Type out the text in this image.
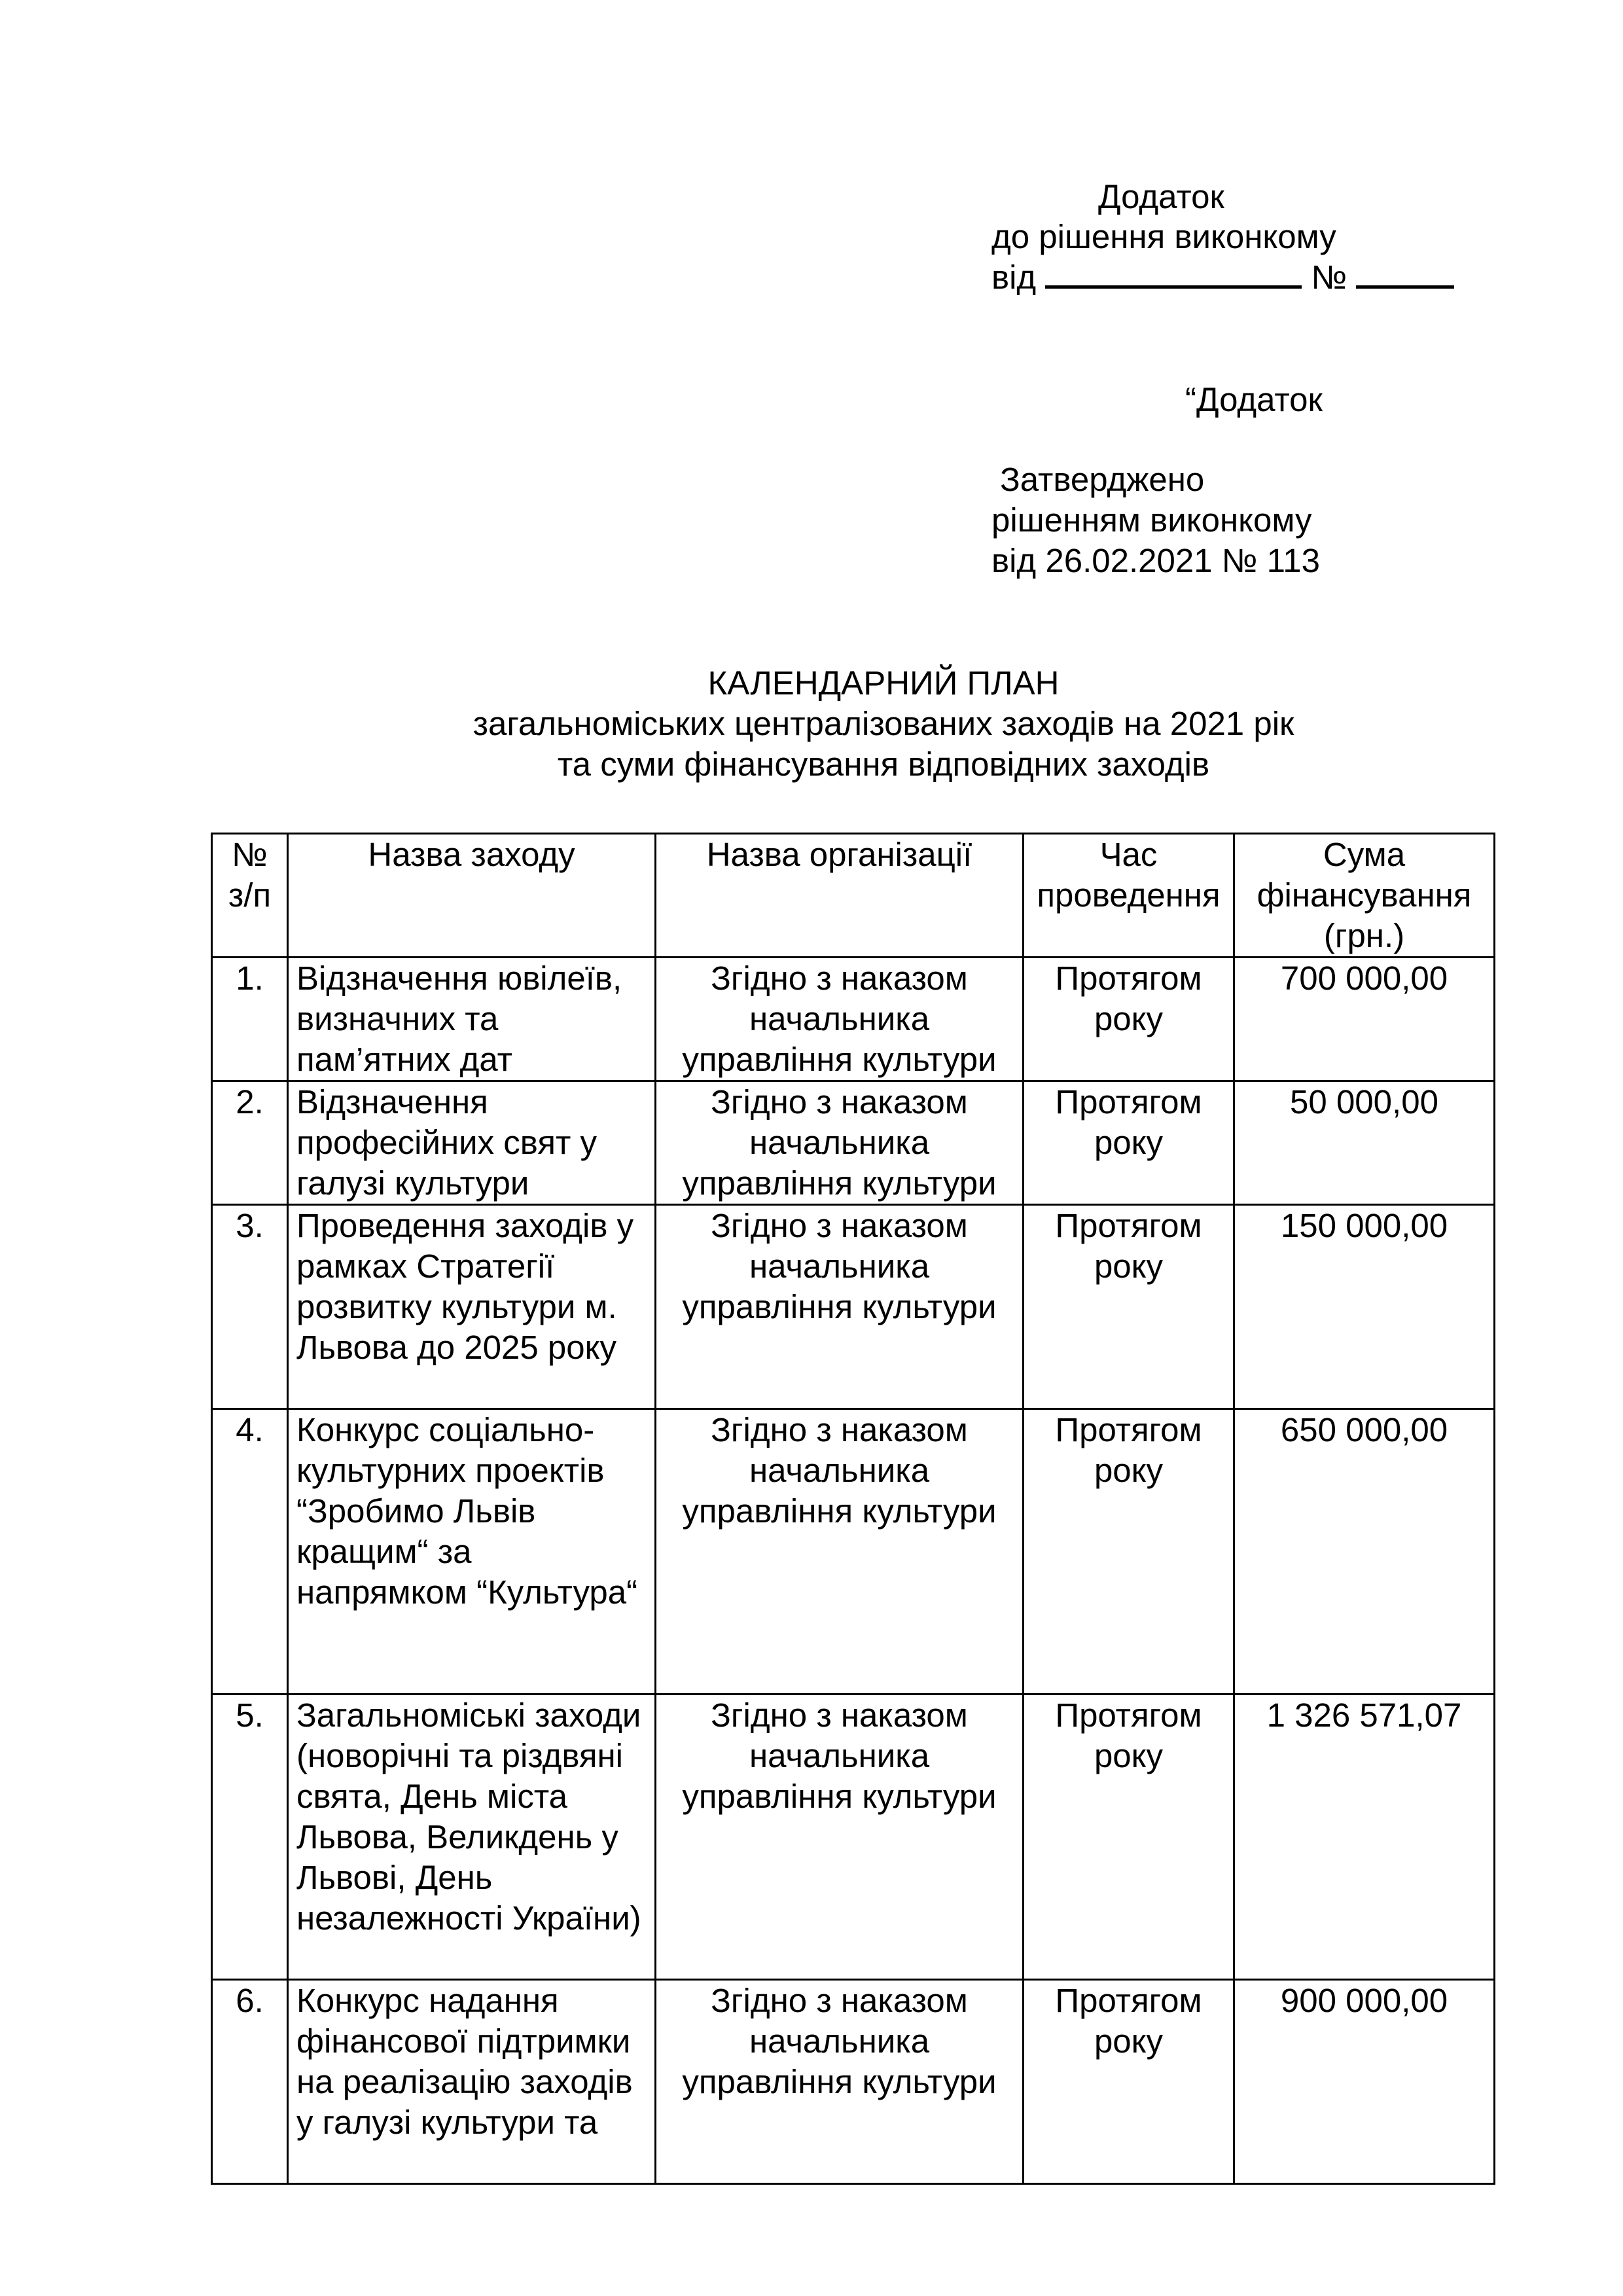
Додаток
до рішення виконкому
від	№
“Додаток
Затверджено
рішенням виконкому
від 26.02.2021 № 113
КАЛЕНДАРНИЙ ПЛАН
загальноміських централізованих заходів на 2021 рік
та суми фінансування відповідних заходів
№ з/п	Назва заходу	Назва організації	Час проведення	Сума фінансування (грн.)
1.	Відзначення ювілеїв, визначних та пам’ятних дат	Згідно з наказом начальника управління культури	Протягом року	700 000,00
2.	Відзначення професійних свят у галузі культури	Згідно з наказом начальника управління культури	Протягом року	50 000,00
3.	Проведення заходів у рамках Стратегії розвитку культури м. Львова до 2025 року	Згідно з наказом начальника управління культури	Протягом року	150 000,00
4.	Конкурс соціально-культурних проектів “Зробимо Львів кращим“ за напрямком “Культура“	Згідно з наказом начальника управління культури	Протягом року	650 000,00
5.	Загальноміські заходи (новорічні та різдвяні свята, День міста Львова, Великдень у Львові, День незалежності України)	Згідно з наказом начальника управління культури	Протягом року	1 326 571,07
6.	Конкурс надання фінансової підтримки на реалізацію заходів у галузі культури та	Згідно з наказом начальника управління культури	Протягом року	900 000,00
